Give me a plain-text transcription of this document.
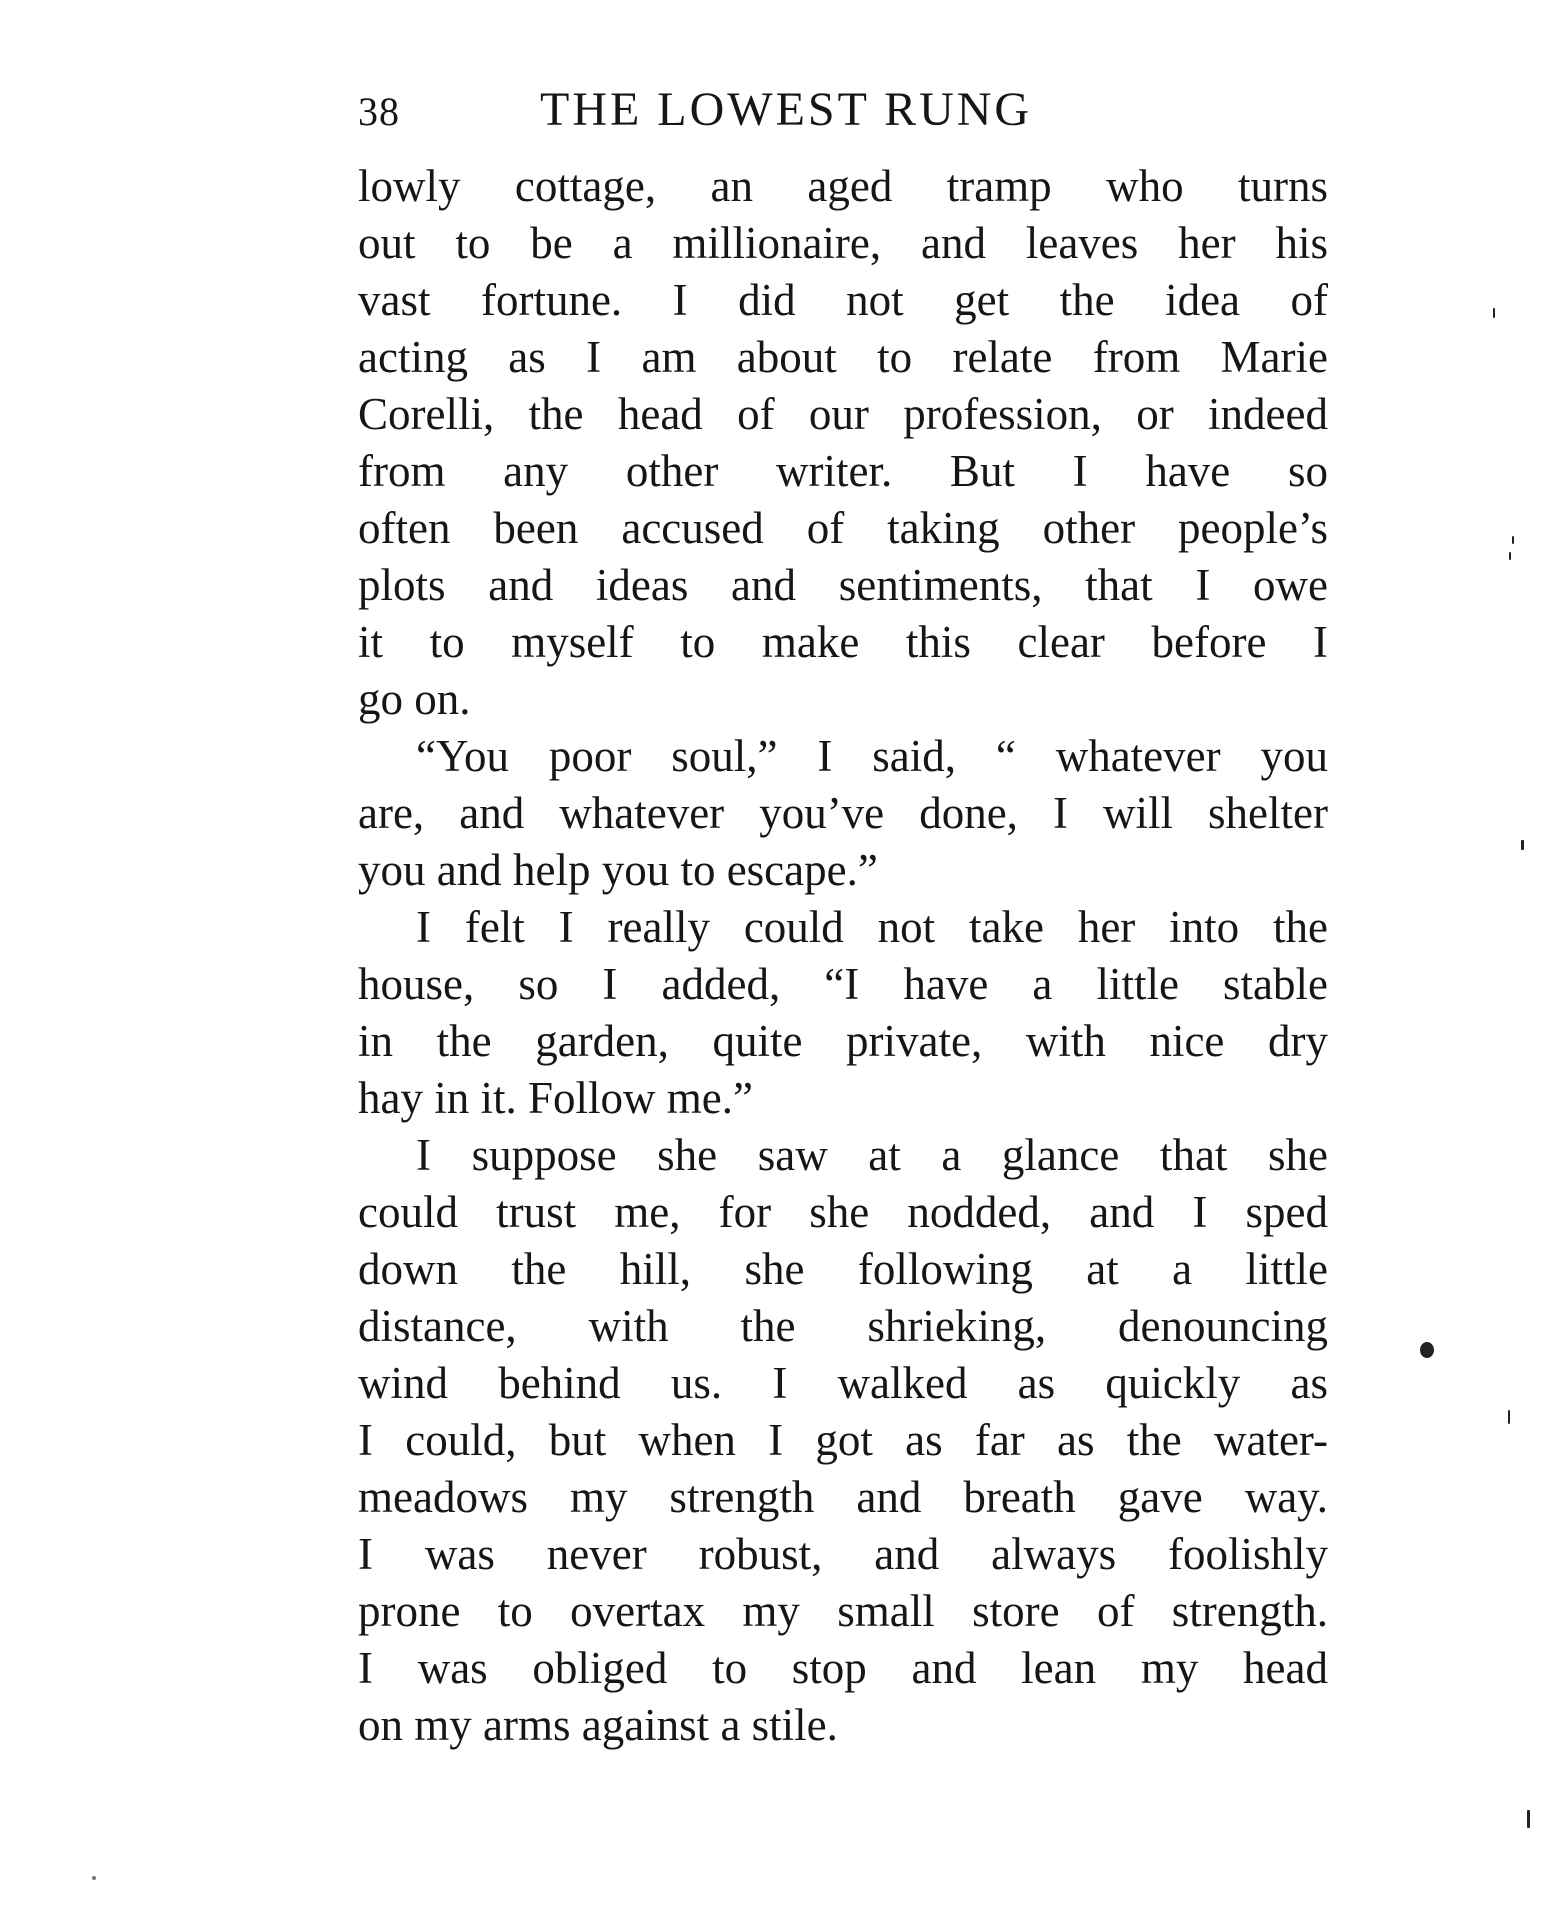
38	THE LOWEST RUNG
lowly cottage, an aged tramp who turns
out to be a millionaire, and leaves her his
vast fortune. I did not get the idea of
acting as I am about to relate from Marie
Corelli, the head of our profession, or indeed
from any other writer. But I have so
often been accused of taking other people’s
plots and ideas and sentiments, that I owe
it to myself to make this clear before I
go on.
“You poor soul,” I said, “ whatever you
are, and whatever you’ve done, I will shelter
you and help you to escape.”
I felt I really could not take her into the
house, so I added, “I have a little stable
in the garden, quite private, with nice dry
hay in it. Follow me.”
I suppose she saw at a glance that she
could trust me, for she nodded, and I sped
down the hill, she following at a little
distance, with the shrieking, denouncing
wind behind us. I walked as quickly as
I could, but when I got as far as the water-
meadows my strength and breath gave way.
I was never robust, and always foolishly
prone to overtax my small store of strength.
I was obliged to stop and lean my head
on my arms against a stile.
